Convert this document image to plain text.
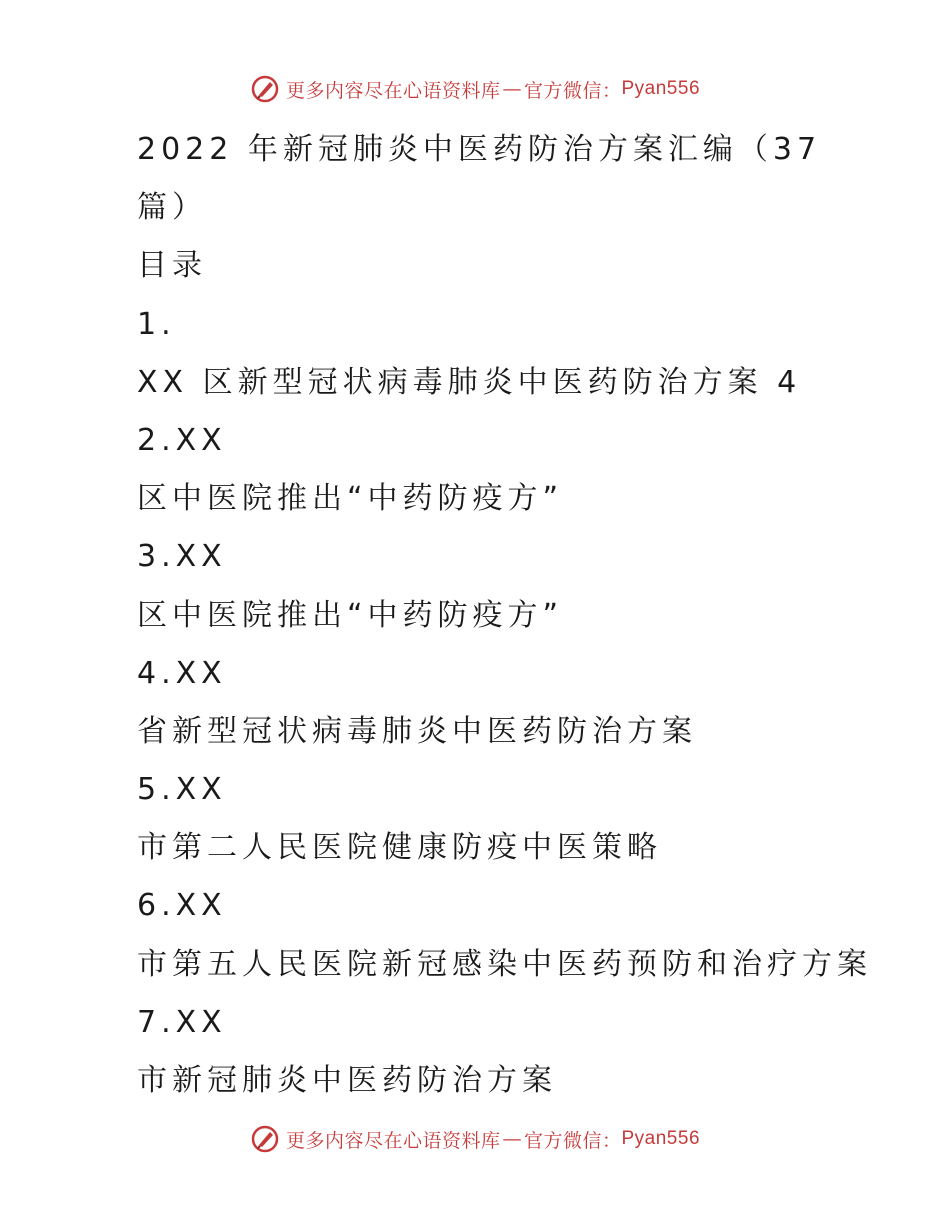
更多内容尽在心语资料库 — 官方微信： Pyan556
2022 年新冠肺炎中医药防治方案汇编（37
篇）
目录
1.
XX 区新型冠状病毒肺炎中医药防治方案 4
2.XX
区中医院推出“中药防疫方”
3.XX
区中医院推出“中药防疫方”
4.XX
省新型冠状病毒肺炎中医药防治方案
5.XX
市第二人民医院健康防疫中医策略
6.XX
市第五人民医院新冠感染中医药预防和治疗方案
7.XX
市新冠肺炎中医药防治方案
更多内容尽在心语资料库 — 官方微信： Pyan556
